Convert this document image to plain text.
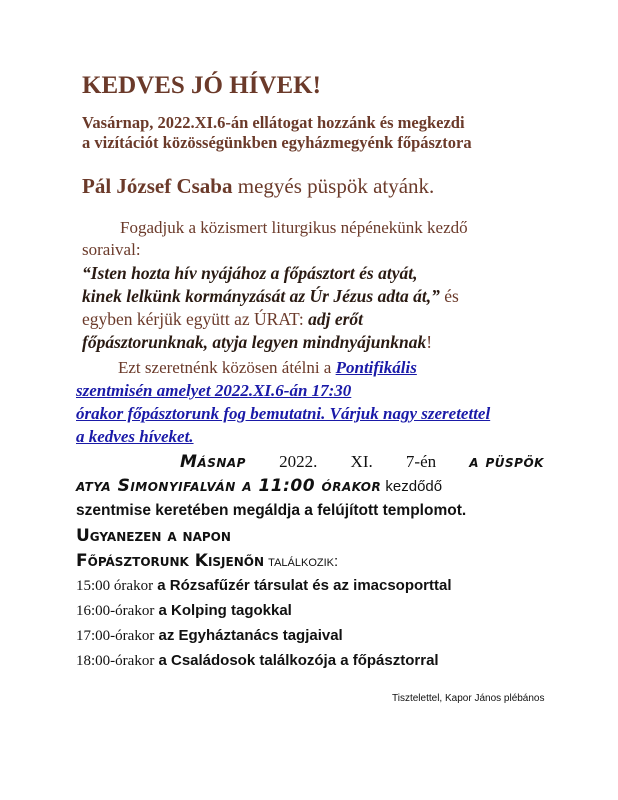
KEDVES JÓ HÍVEK!
Vasárnap, 2022.XI.6-án ellátogat hozzánk és megkezdi
a vizítációt közösségünkben egyházmegyénk főpásztora
Pál József Csaba megyés püspök atyánk.
Fogadjuk a közismert liturgikus népénekünk kezdő
soraival:
“Isten hozta hív nyájához a főpásztort és atyát,
kinek lelkünk kormányzását az Úr Jézus adta át,” és
egyben kérjük együtt az ÚRAT: adj erőt
főpásztorunknak, atyja legyen mindnyájunknak!
Ezt szeretnénk közösen átélni a Pontifikális
szentmisén amelyet 2022.XI.6-án 17:30
órakor főpásztorunk fog bemutatni. Várjuk nagy szeretettel
a kedves híveket.
Másnap 2022. XI. 7-én a püspök
atya Simonyifalván a 11:00 órakor kezdődő
szentmise keretében megáldja a felújított templomot.
Ugyanezen a napon
Főpásztorunk Kisjenőn találkozik:
15:00 órakor a Rózsafűzér társulat és az imacsoporttal
16:00-órakor a Kolping tagokkal
17:00-órakor az Egyháztanács tagjaival
18:00-órakor a Családosok találkozója a főpásztorral
Tisztelettel, Kapor János plébános
